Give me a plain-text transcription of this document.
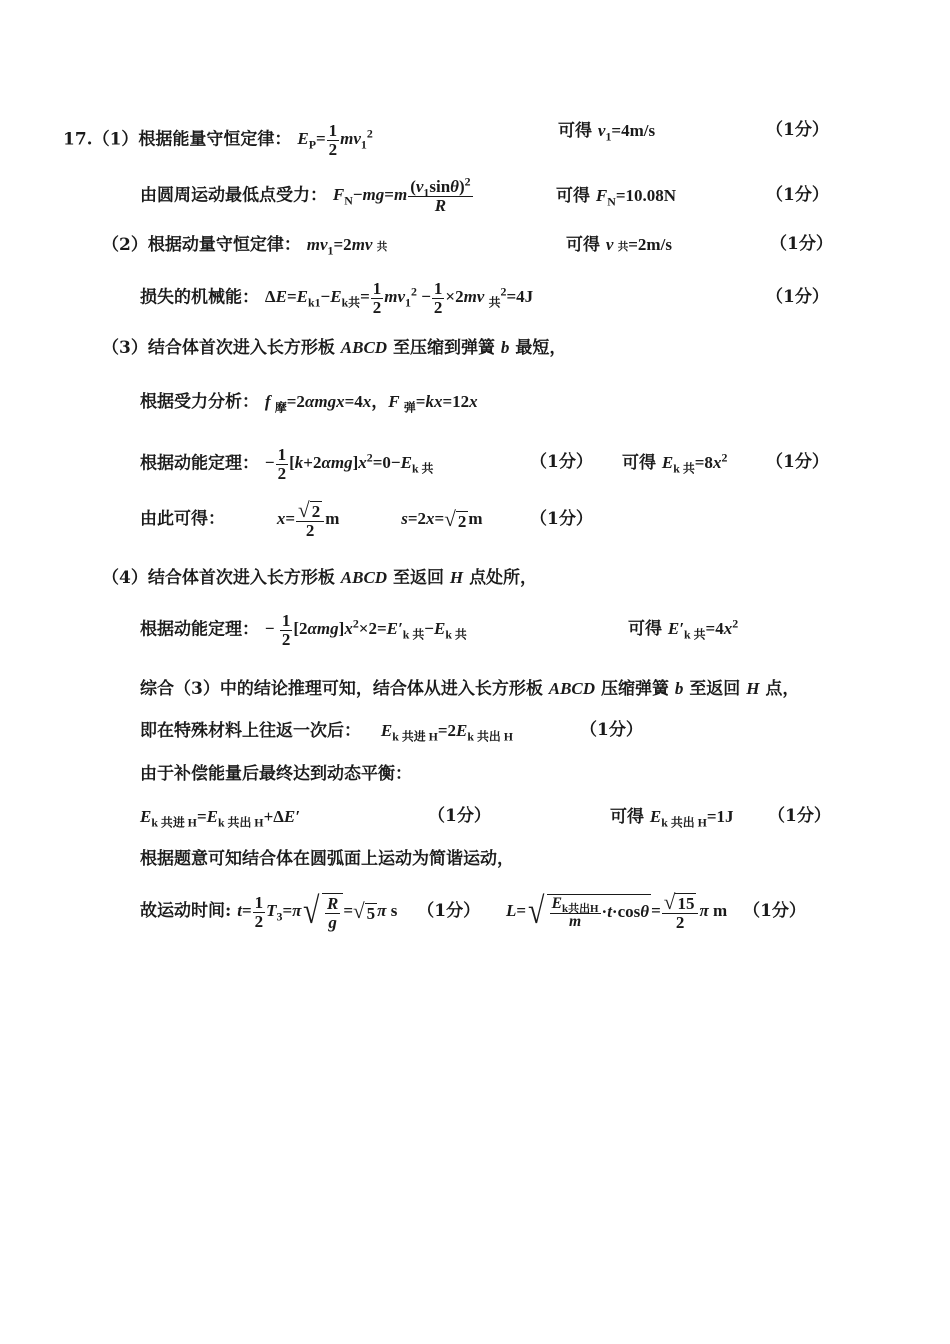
17.（1）根据能量守恒定律： $E_P= \frac{1}{2} mv_1^2$	可得 $v_1=4m/s$	（1分）
由圆周运动最低点受力： $F_N-mg=m \frac{(v_1\sin\theta)^2}{R}$	可得 $F_N=10.08N$	（1分）
（2）根据动量守恒定律： $mv_1=2mv$ 共	可得 v 共=2m/s	（1分）
损失的机械能： $\Delta E=E_{k1}-E_{k共}= \frac{1}{2} mv_1^2 - \frac{1}{2} \times 2mv$ $_共^2$=4J	（1分）
（3）结合体首次进入长方形板 ABCD 至压缩到弹簧 b 最短，
根据受力分析： f $_摩$=2αmgx=4x，F $_弹$=kx=12x
根据动能定理： − $\frac{1}{2} [k+2\alpha mg]x^2=0-E_{k 共}$	（1分） 可得 $E_{k 共}=8x^2$ （1分）
由此可得：	$x= \frac{√ 2}{2}$ m	s=2x=√ 2 m	（1分）
（4）结合体首次进入长方形板 ABCD 至返回 H 点处所，
根据动能定理： − $\frac{1}{2} [2\alpha mg]x^2\times 2=E'_{k 共}-E_{k 共}$	可得 $E'_{k 共}=4x^2$
综合（3）中的结论推理可知，结合体从进入长方形板 ABCD 压缩弹簧 b 至返回 H 点，
即在特殊材料上往返一次后： $E_{k 共进 H}=2E_{k 共出 H}$	（1分）
由于补偿能量后最终达到动态平衡：
$E_{k 共进 H}=E_{k 共出 H}+\Delta E'$	（1分）	可得 $E_{k 共出 H}=1J$ （1分）
根据题意可知结合体在圆弧面上运动为简谐运动，
故运动时间: $t= \frac{1}{2} T_3=\pi√ \frac{R}{g}$ =√ 5 π s （1分） $L=√ \frac{E_{k共出H}}{m} \cdot t\cdot\cos\theta = \frac{√ 15}{2}$ π m （1分）
